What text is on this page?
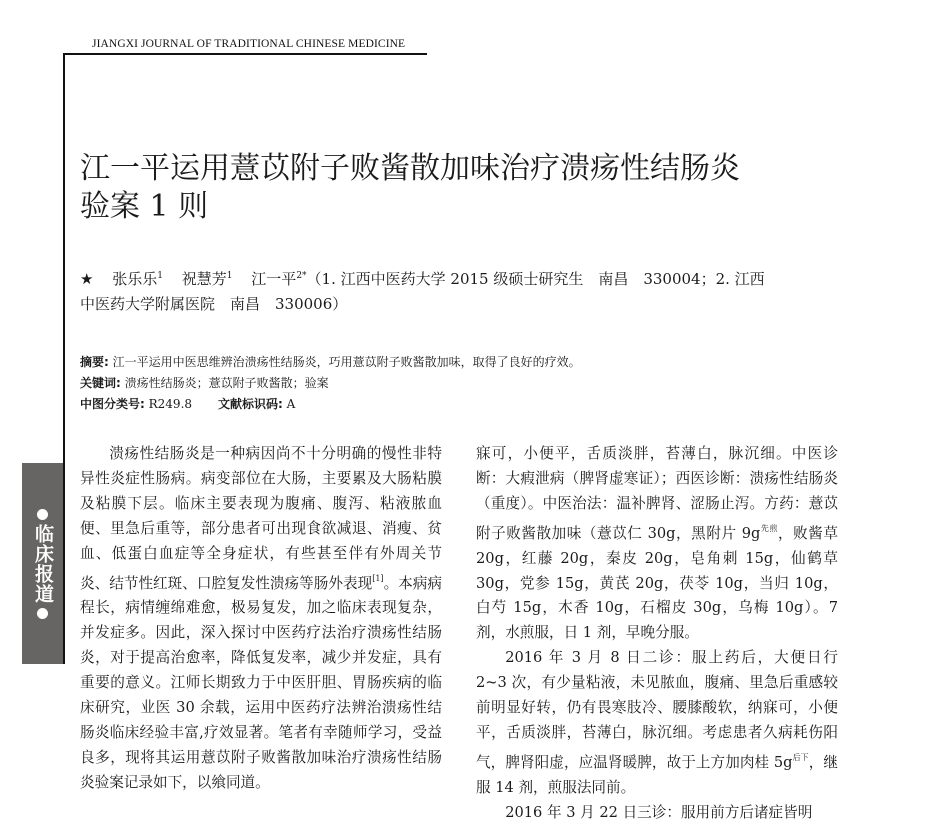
JIANGXI JOURNAL OF TRADITIONAL CHINESE MEDICINE
临床报道
江一平运用薏苡附子败酱散加味治疗溃疡性结肠炎
验案 1 则
★ 张乐乐$^1$ 祝慧芳$^1$ 江一平$^{2*}$（1. 江西中医药大学 2015 级硕士研究生　南昌　330004；2. 江西
中医药大学附属医院　南昌　330006）
摘要: 江一平运用中医思维辨治溃疡性结肠炎，巧用薏苡附子败酱散加味，取得了良好的疗效。
关键词: 溃疡性结肠炎；薏苡附子败酱散；验案
中图分类号: R249.8 文献标识码: A

溃疡性结肠炎是一种病因尚不十分明确的慢性非特异性炎症性肠病。病变部位在大肠，主要累及大肠粘膜及粘膜下层。临床主要表现为腹痛、腹泻、粘液脓血便、里急后重等，部分患者可出现食欲减退、消瘦、贫血、低蛋白血症等全身症状，有些甚至伴有外周关节炎、结节性红斑、口腔复发性溃疡等肠外表现[1]。本病病程长，病情缠绵难愈，极易复发，加之临床表现复杂，并发症多。因此，深入探讨中医药疗法治疗溃疡性结肠炎，对于提高治愈率，降低复发率，减少并发症，具有重要的意义。江师长期致力于中医肝胆、胃肠疾病的临床研究，业医 30 余载，运用中医药疗法辨治溃疡性结肠炎临床经验丰富,疗效显著。笔者有幸随师学习，受益良多，现将其运用薏苡附子败酱散加味治疗溃疡性结肠炎验案记录如下，以飨同道。

寐可，小便平，舌质淡胖，苔薄白，脉沉细。中医诊断：大瘕泄病（脾肾虚寒证）；西医诊断：溃疡性结肠炎（重度）。中医治法：温补脾肾、涩肠止泻。方药：薏苡附子败酱散加味（薏苡仁 30g，黑附片 $9g^{先煎}$，败酱草 20g，红藤 20g，秦皮 20g，皂角刺 15g，仙鹤草 30g，党参 15g，黄芪 20g，茯苓 10g，当归 10g，白芍 15g，木香 10g，石榴皮 30g，乌梅 10g）。7 剂，水煎服，日 1 剂，早晚分服。

2016 年 3 月 8 日二诊：服上药后，大便日行 2~3 次，有少量粘液，未见脓血，腹痛、里急后重感较前明显好转，仍有畏寒肢冷、腰膝酸软，纳寐可，小便平，舌质淡胖，苔薄白，脉沉细。考虑患者久病耗伤阳气，脾肾阳虚，应温肾暖脾，故于上方加肉桂 $5g^{后下}$，继服 14 剂，煎服法同前。

2016 年 3 月 22 日三诊：服用前方后诸症皆明
